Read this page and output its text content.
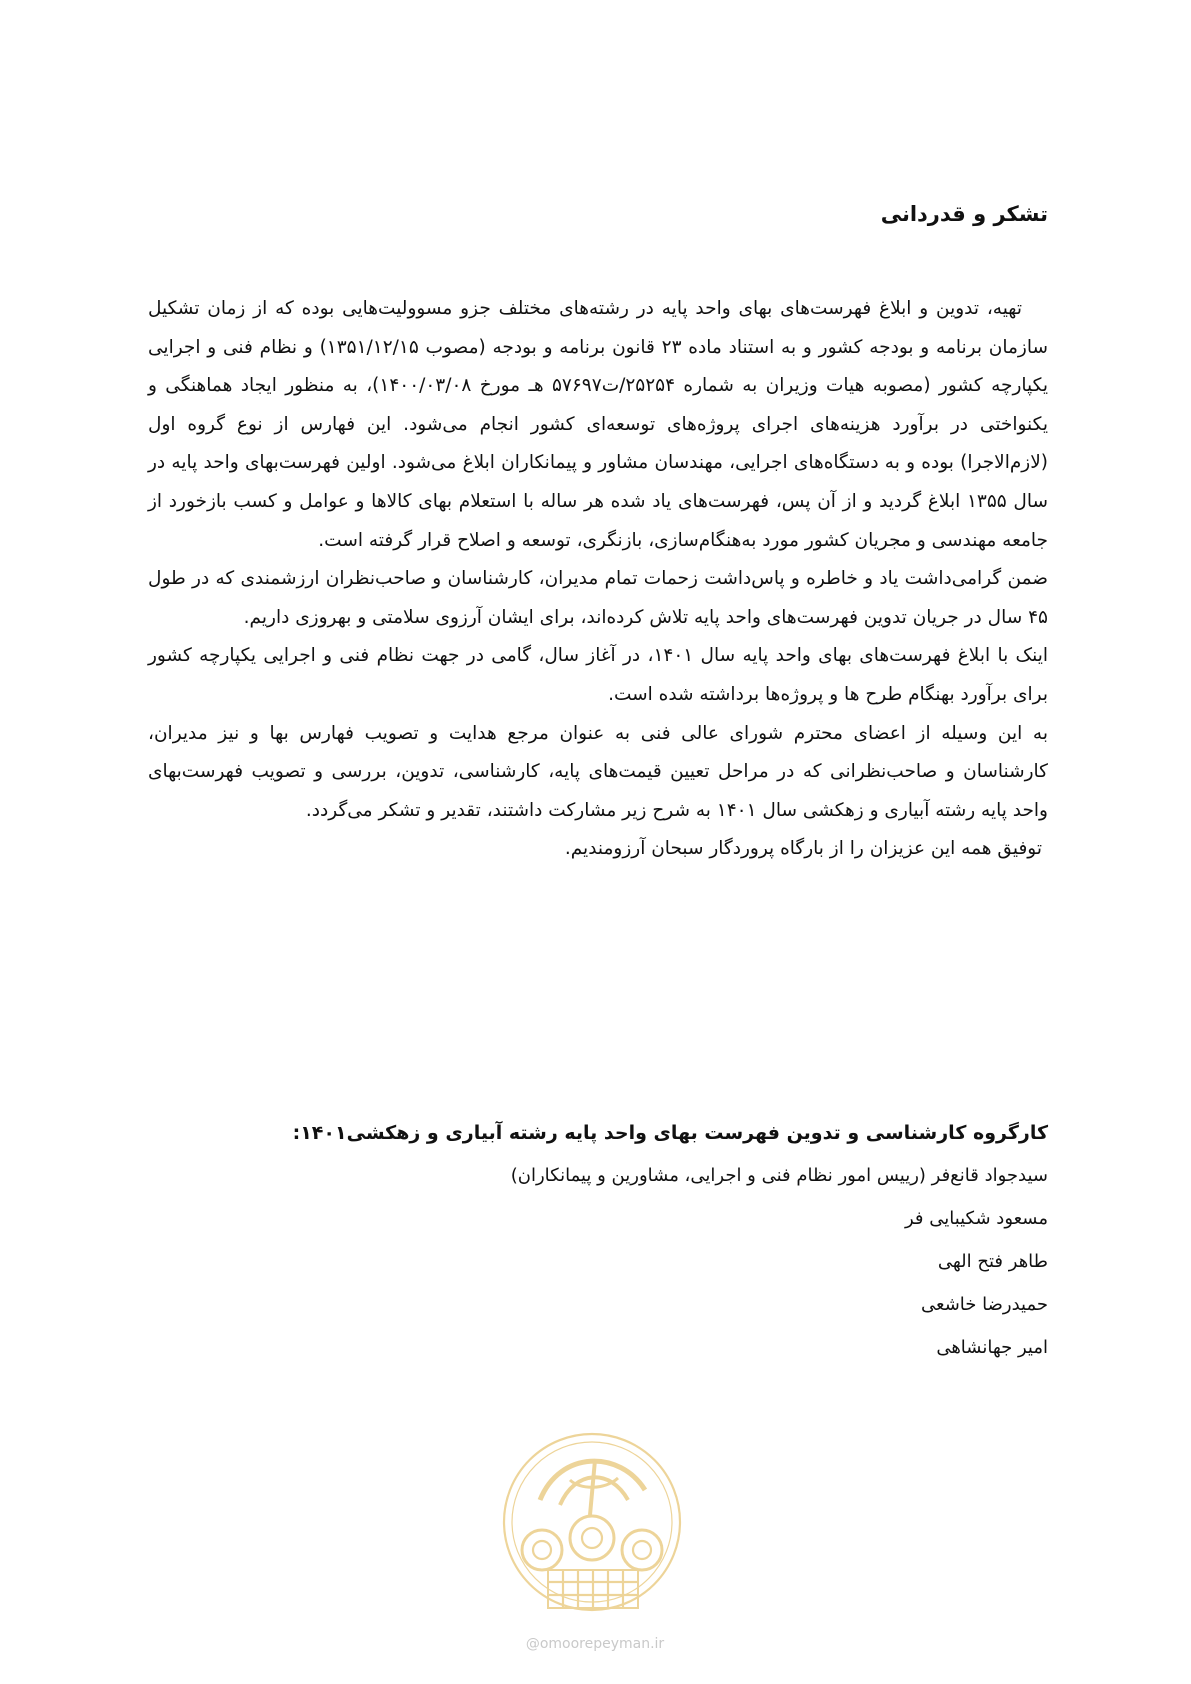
تشکر و قدردانی

تهیه، تدوین و ابلاغ فهرست‌های بهای واحد پایه در رشته‌های مختلف جزو مسوولیت‌هایی بوده که از زمان تشکیل سازمان برنامه و بودجه کشور و به استناد ماده ۲۳ قانون برنامه و بودجه (مصوب ۱۳۵۱/۱۲/۱۵) و نظام فنی و اجرایی یکپارچه کشور (مصوبه هیات وزیران به شماره ۲۵۲۵۴/ت۵۷۶۹۷ هـ مورخ ۱۴۰۰/۰۳/۰۸)، به منظور ایجاد هماهنگی و یکنواختی در برآورد هزینه‌های اجرای پروژه‌های توسعه‌ای کشور انجام می‌شود. این فهارس از نوع گروه اول (لازم‌الاجرا) بوده و به دستگاه‌های اجرایی، مهندسان مشاور و پیمانکاران ابلاغ می‌شود. اولین فهرست‌بهای واحد پایه در سال ۱۳۵۵ ابلاغ گردید و از آن پس، فهرست‌های یاد شده هر ساله با استعلام بهای کالاها و عوامل و کسب بازخورد از جامعه مهندسی و مجریان کشور مورد به‌هنگام‌سازی، بازنگری، توسعه و اصلاح قرار گرفته است.

ضمن گرامی‌داشت یاد و خاطره و پاس‌داشت زحمات تمام مدیران، کارشناسان و صاحب‌نظران ارزشمندی که در طول ۴۵ سال در جریان تدوین فهرست‌های واحد پایه تلاش کرده‌اند، برای ایشان آرزوی سلامتی و بهروزی داریم.

اینک با ابلاغ فهرست‌های بهای واحد پایه سال ۱۴۰۱، در آغاز سال، گامی در جهت نظام فنی و اجرایی یکپارچه کشور برای برآورد بهنگام طرح ها و پروژه‌ها برداشته شده است.

به این وسیله از اعضای محترم شورای عالی فنی به عنوان مرجع هدایت و تصویب فهارس بها و نیز مدیران، کارشناسان و صاحب‌نظرانی که در مراحل تعیین قیمت‌های پایه، کارشناسی، تدوین، بررسی و تصویب فهرست‌بهای واحد پایه رشته آبیاری و زهکشی سال ۱۴۰۱ به شرح زیر مشارکت داشتند، تقدیر و تشکر می‌گردد.

توفیق همه این عزیزان را از بارگاه پروردگار سبحان آرزومندیم.

کارگروه کارشناسی و تدوین فهرست بهای واحد پایه رشته آبیاری و زهکشی۱۴۰۱:
سیدجواد قانع‌فر (رییس امور نظام فنی و اجرایی، مشاورین و پیمانکاران)
مسعود شکیبایی فر
طاهر فتح الهی
حمیدرضا خاشعی
امیر جهانشاهی
@omoorepeyman.ir
